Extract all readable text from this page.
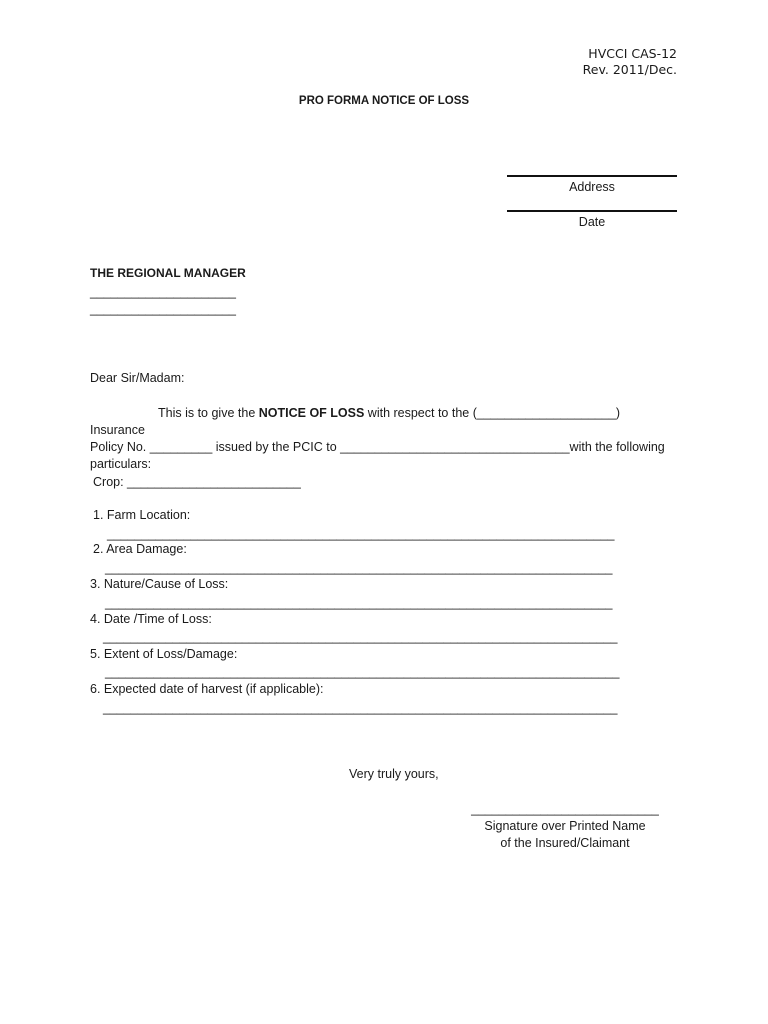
HVCCI CAS-12
Rev. 2011/Dec.
PRO FORMA NOTICE OF LOSS
Address
Date
THE REGIONAL MANAGER
_____________________
_____________________
Dear Sir/Madam:
This is to give the NOTICE OF LOSS with respect to the (____________________) Insurance
Policy No. _________ issued by the PCIC to _________________________________with the following
particulars:
Crop: _________________________
1. Farm Location:
_________________________________________________________________________
2. Area Damage:
_________________________________________________________________________
3. Nature/Cause of Loss:
_________________________________________________________________________
4. Date /Time of Loss:
__________________________________________________________________________
5. Extent of Loss/Damage:
__________________________________________________________________________
6. Expected date of harvest (if applicable):
__________________________________________________________________________
Very truly yours,
___________________________
Signature over Printed Name
of the Insured/Claimant
